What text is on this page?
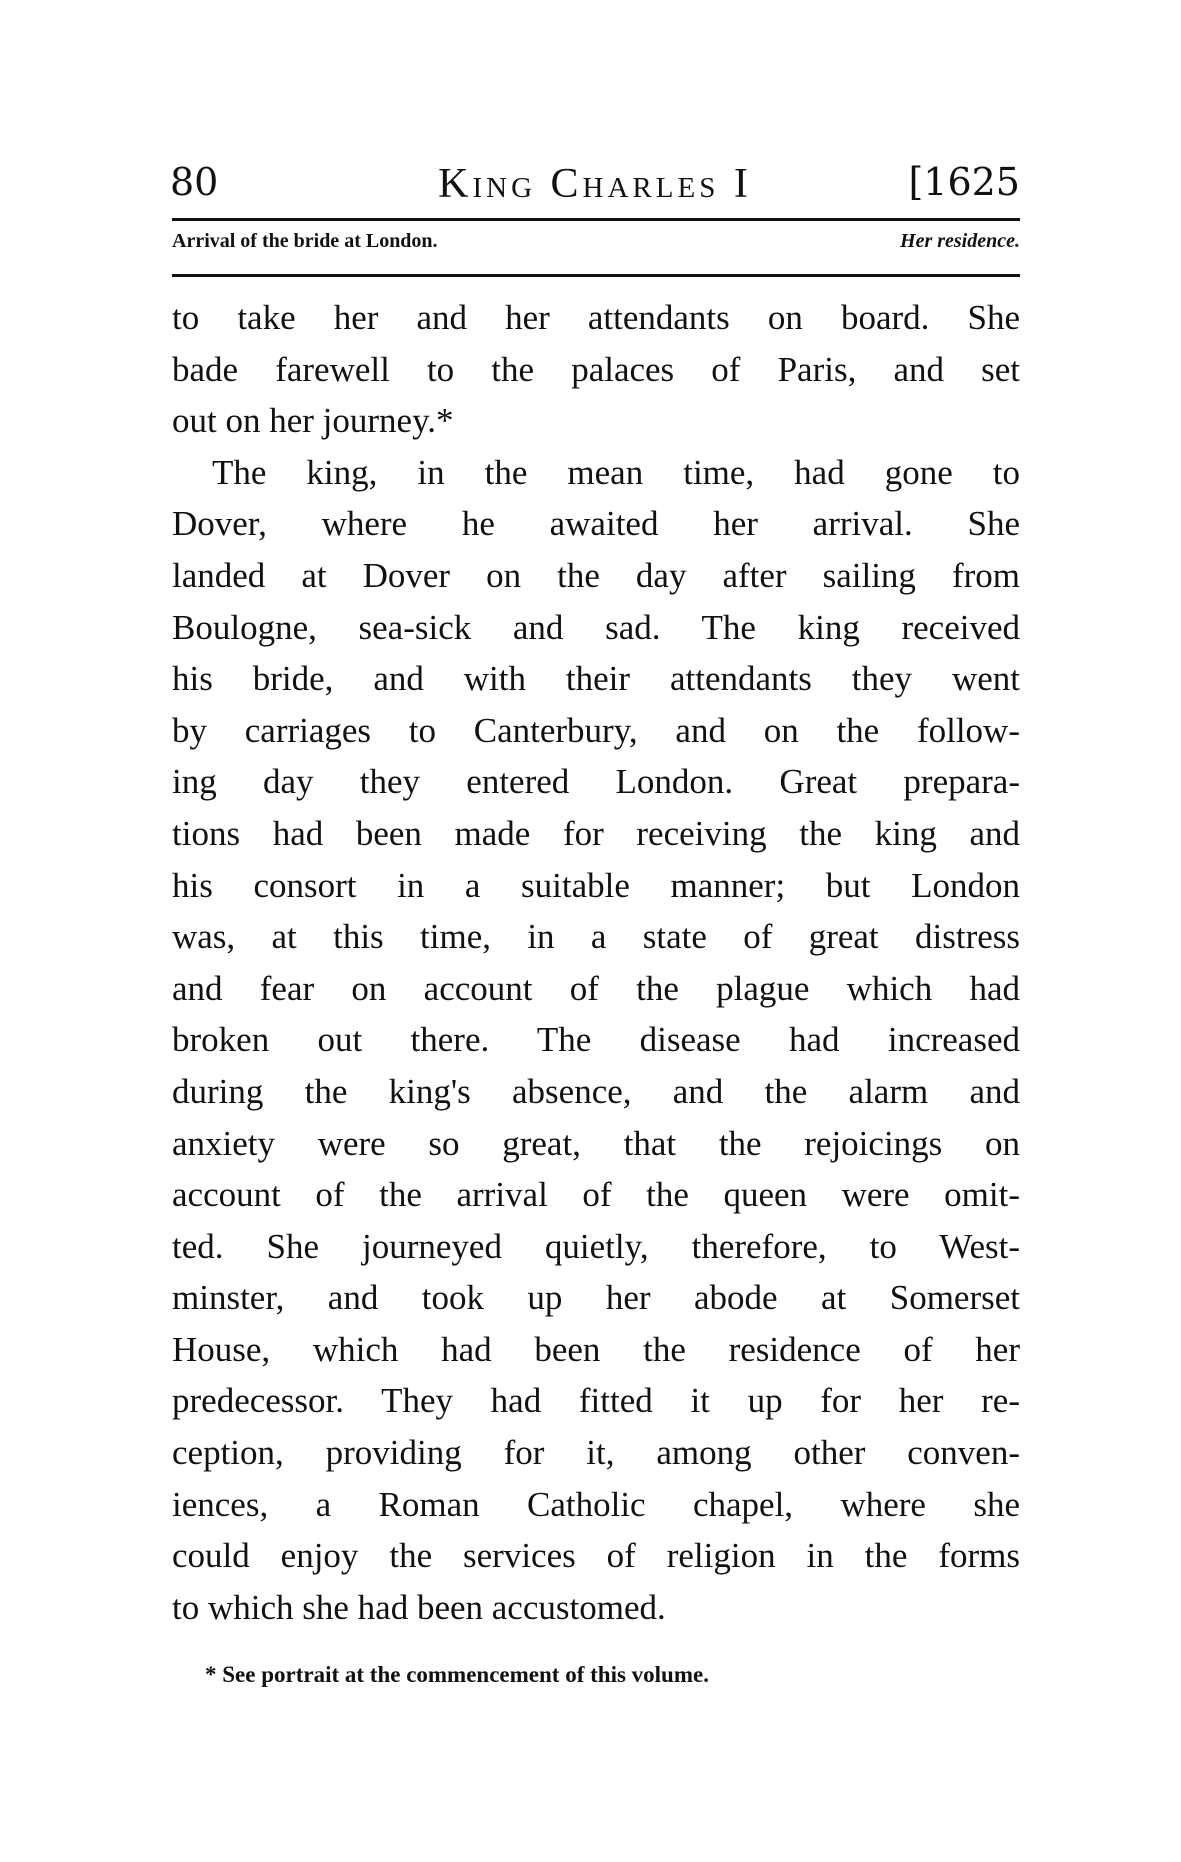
80	King Charles I	[1625
Arrival of the bride at London.	Her residence.
to take her and her attendants on board. She
bade farewell to the palaces of Paris, and set
out on her journey.*
The king, in the mean time, had gone to
Dover, where he awaited her arrival. She
landed at Dover on the day after sailing from
Boulogne, sea-sick and sad. The king received
his bride, and with their attendants they went
by carriages to Canterbury, and on the follow-
ing day they entered London. Great prepara-
tions had been made for receiving the king and
his consort in a suitable manner; but London
was, at this time, in a state of great distress
and fear on account of the plague which had
broken out there. The disease had increased
during the king's absence, and the alarm and
anxiety were so great, that the rejoicings on
account of the arrival of the queen were omit-
ted. She journeyed quietly, therefore, to West-
minster, and took up her abode at Somerset
House, which had been the residence of her
predecessor. They had fitted it up for her re-
ception, providing for it, among other conven-
iences, a Roman Catholic chapel, where she
could enjoy the services of religion in the forms
to which she had been accustomed.
* See portrait at the commencement of this volume.
